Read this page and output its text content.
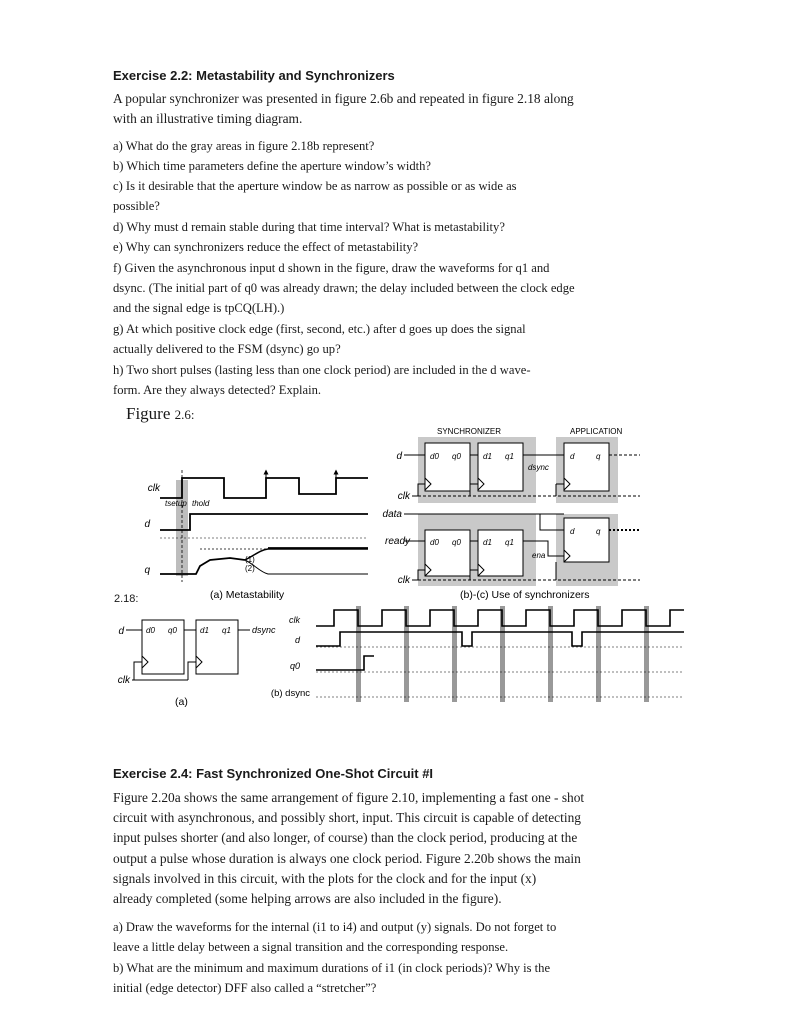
Exercise 2.2: Metastability and Synchronizers
A popular synchronizer was presented in figure 2.6b and repeated in figure 2.18 along
with an illustrative timing diagram.
a) What do the gray areas in figure 2.18b represent?
b) Which time parameters define the aperture window’s width?
c) Is it desirable that the aperture window be as narrow as possible or as wide as
possible?
d) Why must d remain stable during that time interval? What is metastability?
e) Why can synchronizers reduce the effect of metastability?
f) Given the asynchronous input d shown in the figure, draw the waveforms for q1 and
dsync. (The initial part of q0 was already drawn; the delay included between the clock edge
and the signal edge is tpCQ(LH).)
g) At which positive clock edge (first, second, etc.) after d goes up does the signal
actually delivered to the FSM (dsync) go up?
h) Two short pulses (lasting less than one clock period) are included in the d wave-
form. Are they always detected? Explain.
Figure 2.6:
2.18:
(1)
(2)
clk
d
q
tsetup thold
(a) Metastability
SYNCHRONIZER	APPLICATION
d
clk
d0 q0	d1 q1	d	q
dsync
data
ready
clk
d0 q0	d1 q1
d	q
ena
(b)-(c) Use of synchronizers
d
clk
d0 q0	d1 q1 dsync
(a)
clk
d
q0
(b) dsync
Exercise 2.4: Fast Synchronized One-Shot Circuit #I
Figure 2.20a shows the same arrangement of figure 2.10, implementing a fast one - shot
circuit with asynchronous, and possibly short, input. This circuit is capable of detecting
input pulses shorter (and also longer, of course) than the clock period, producing at the
output a pulse whose duration is always one clock period. Figure 2.20b shows the main
signals involved in this circuit, with the plots for the clock and for the input (x)
already completed (some helping arrows are also included in the figure).
a) Draw the waveforms for the internal (i1 to i4) and output (y) signals. Do not forget to
leave a little delay between a signal transition and the corresponding response.
b) What are the minimum and maximum durations of i1 (in clock periods)? Why is the
initial (edge detector) DFF also called a “stretcher”?
